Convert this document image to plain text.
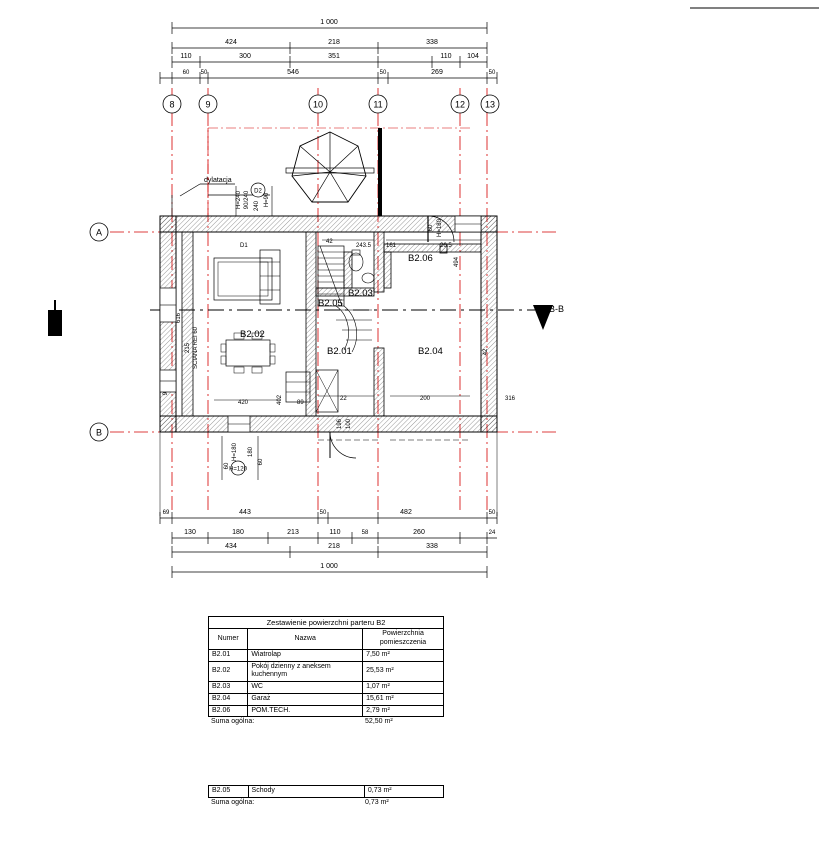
1 000
424	218	338
110	300	351	110 104
60 50	546	50	269	50
8	9	10	11	12 13
A
B
B-B
215 SCIANA REI 60
616
dylatacja
D2
H=240 90/240 240 H=90
60 H=180
B2.02
B2.01	B2.04
B2.06
B2.03
B2.05
D1
420	402 89
22
196 100
200	316
42
494
161	26.5
243.5
42
H=120
60
H=180 180
60
69	443	50	482	50
130	180	213	110	58	260	24
434	218	338
1 000
Zestawienie powierzchni parteru B2		
Numer	Nazwa	Powierzchnia pomieszczenia
B2.01	Wiatrolap	7,50 m²
B2.02	Pokój dzienny z aneksem kuchennym	25,53 m²
B2.03	WC	1,07 m²
B2.04	Garaż	15,61 m²
B2.06	POM.TECH.	2,79 m²
Suma ogólna:	52,50 m²
B2.05	Schody	0,73 m²
Suma ogólna:	0,73 m²
